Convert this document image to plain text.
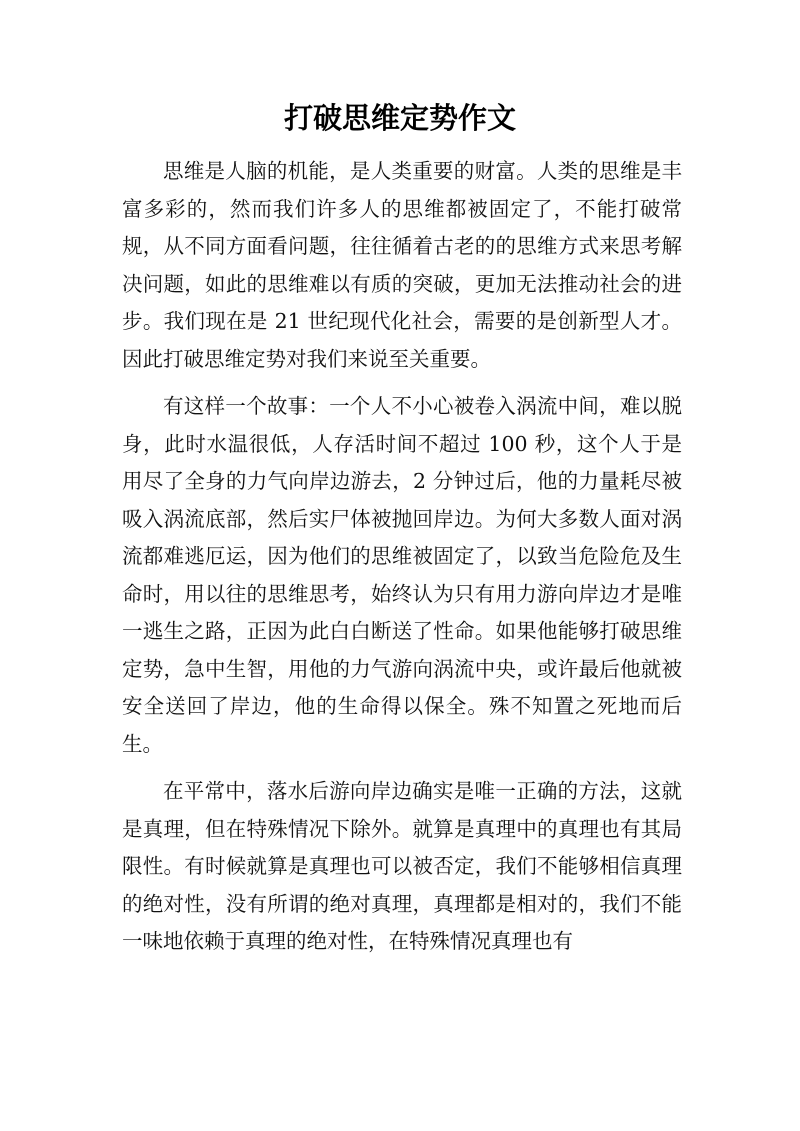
打破思维定势作文

思维是人脑的机能，是人类重要的财富。人类的思维是丰富多彩的，然而我们许多人的思维都被固定了，不能打破常规，从不同方面看问题，往往循着古老的的思维方式来思考解决问题，如此的思维难以有质的突破，更加无法推动社会的进步。我们现在是 21 世纪现代化社会，需要的是创新型人才。因此打破思维定势对我们来说至关重要。

有这样一个故事：一个人不小心被卷入涡流中间，难以脱身，此时水温很低，人存活时间不超过 100 秒，这个人于是用尽了全身的力气向岸边游去，2 分钟过后，他的力量耗尽被吸入涡流底部，然后实尸体被抛回岸边。为何大多数人面对涡流都难逃厄运，因为他们的思维被固定了，以致当危险危及生命时，用以往的思维思考，始终认为只有用力游向岸边才是唯一逃生之路，正因为此白白断送了性命。如果他能够打破思维定势，急中生智，用他的力气游向涡流中央，或许最后他就被安全送回了岸边，他的生命得以保全。殊不知置之死地而后生。

在平常中，落水后游向岸边确实是唯一正确的方法，这就是真理，但在特殊情况下除外。就算是真理中的真理也有其局限性。有时候就算是真理也可以被否定，我们不能够相信真理的绝对性，没有所谓的绝对真理，真理都是相对的，我们不能一味地依赖于真理的绝对性，在特殊情况真理也有
